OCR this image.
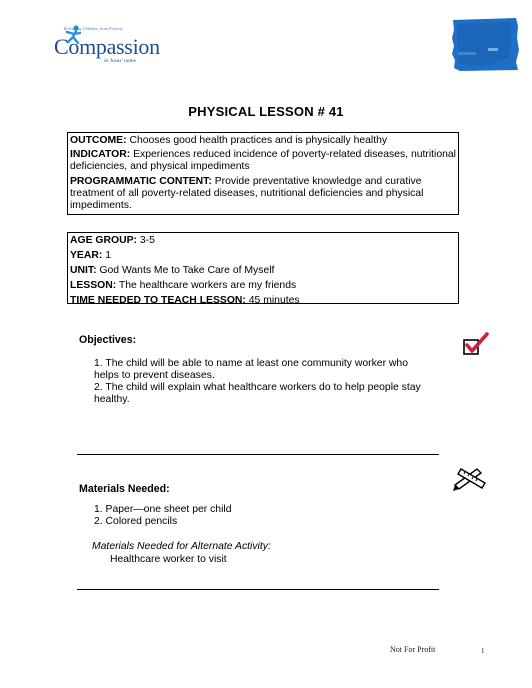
Releasing Children from Poverty
Compassion
in Jesus' name
PHYSICAL LESSON # 41

OUTCOME: Chooses good health practices and is physically healthy

INDICATOR: Experiences reduced incidence of poverty-related diseases, nutritional deficiencies, and physical impediments

PROGRAMMATIC CONTENT: Provide preventative knowledge and curative treatment of all poverty-related diseases, nutritional deficiencies and physical impediments.

AGE GROUP: 3-5

YEAR: 1

UNIT: God Wants Me to Take Care of Myself

LESSON: The healthcare workers are my friends

TIME NEEDED TO TEACH LESSON: 45 minutes

Objectives:

1. The child will be able to name at least one community worker who helps to prevent diseases.

2. The child will explain what healthcare workers do to help people stay healthy.

Materials Needed:

1. Paper—one sheet per child

2. Colored pencils

Materials Needed for Alternate Activity:
Healthcare worker to visit
Not For Profit	1
